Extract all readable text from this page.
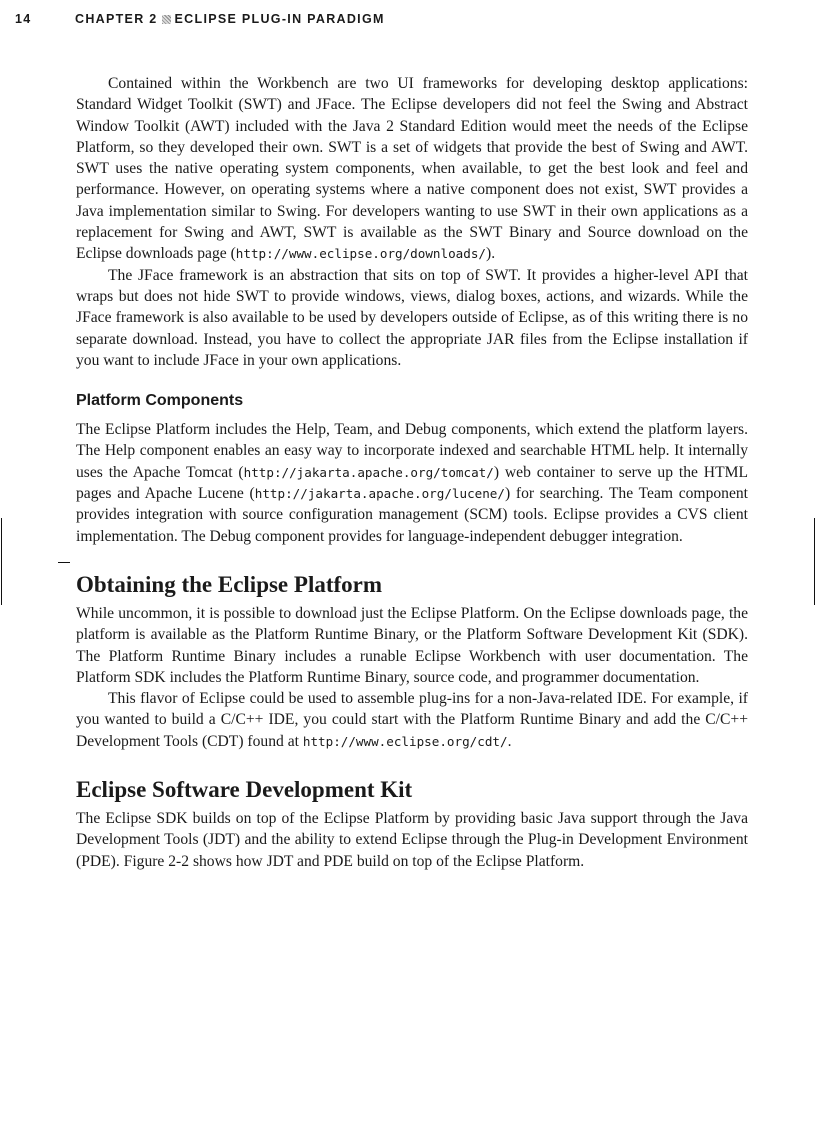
14	CHAPTER 2 ECLIPSE PLUG-IN PARADIGM

Contained within the Workbench are two UI frameworks for developing desktop applications: Standard Widget Toolkit (SWT) and JFace. The Eclipse developers did not feel the Swing and Abstract Window Toolkit (AWT) included with the Java 2 Standard Edition would meet the needs of the Eclipse Platform, so they developed their own. SWT is a set of widgets that provide the best of Swing and AWT. SWT uses the native operating system components, when available, to get the best look and feel and performance. However, on operating systems where a native component does not exist, SWT provides a Java implementation similar to Swing. For developers wanting to use SWT in their own applications as a replacement for Swing and AWT, SWT is available as the SWT Binary and Source download on the Eclipse downloads page (http://www.eclipse.org/downloads/).

The JFace framework is an abstraction that sits on top of SWT. It provides a higher-level API that wraps but does not hide SWT to provide windows, views, dialog boxes, actions, and wizards. While the JFace framework is also available to be used by developers outside of Eclipse, as of this writing there is no separate download. Instead, you have to collect the appropriate JAR files from the Eclipse installation if you want to include JFace in your own applications.

Platform Components

The Eclipse Platform includes the Help, Team, and Debug components, which extend the platform layers. The Help component enables an easy way to incorporate indexed and searchable HTML help. It internally uses the Apache Tomcat (http://jakarta.apache.org/tomcat/) web container to serve up the HTML pages and Apache Lucene (http://jakarta.apache.org/lucene/) for searching. The Team component provides integration with source configuration management (SCM) tools. Eclipse provides a CVS client implementation. The Debug component provides for language-independent debugger integration.

Obtaining the Eclipse Platform

While uncommon, it is possible to download just the Eclipse Platform. On the Eclipse downloads page, the platform is available as the Platform Runtime Binary, or the Platform Software Development Kit (SDK). The Platform Runtime Binary includes a runable Eclipse Workbench with user documentation. The Platform SDK includes the Platform Runtime Binary, source code, and programmer documentation.

This flavor of Eclipse could be used to assemble plug-ins for a non-Java-related IDE. For example, if you wanted to build a C/C++ IDE, you could start with the Platform Runtime Binary and add the C/C++ Development Tools (CDT) found at http://www.eclipse.org/cdt/.

Eclipse Software Development Kit

The Eclipse SDK builds on top of the Eclipse Platform by providing basic Java support through the Java Development Tools (JDT) and the ability to extend Eclipse through the Plug-in Development Environment (PDE). Figure 2-2 shows how JDT and PDE build on top of the Eclipse Platform.
